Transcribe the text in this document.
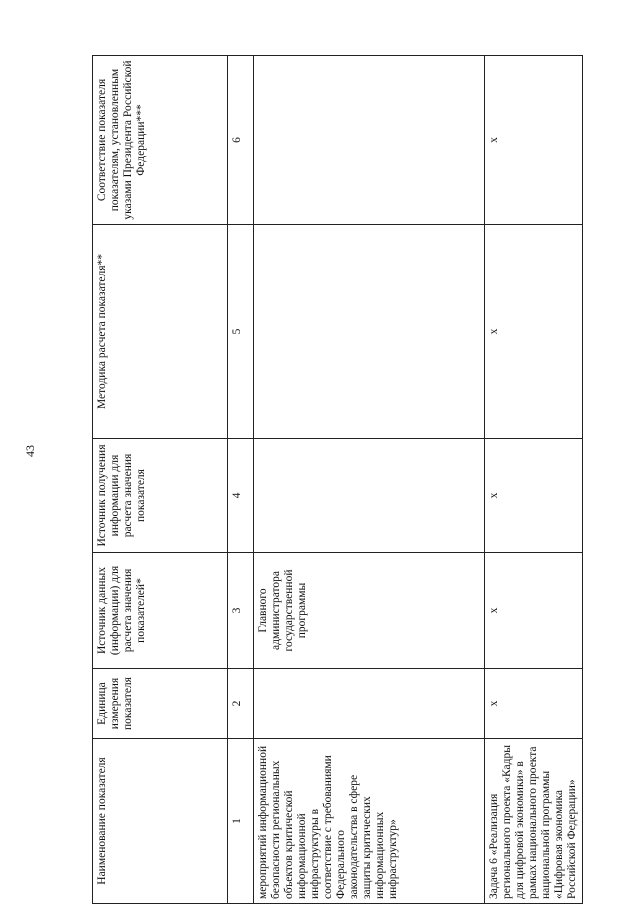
43
Наименование показателя	Единица измерения показателя	Источник данных (информации) для расчета значения показателей*	Источник получения информации для расчета значения показателя	Методика расчета показателя**	Соответствие показателя показателям, установленным указами Президента Российской Федерации***
1	2	3	4	5	6
мероприятий информационной безопасности региональных объектов критической информационной инфраструктуры в соответствие с требованиями Федерального законодательства в сфере защиты критических информационных инфраструктур»		Главного администратора государственной программы			
Задача 6 «Реализация регионального проекта «Кадры для цифровой экономики» в рамках национального проекта национальной программы «Цифровая экономика Российской Федерации»	x	x	x	x	x
